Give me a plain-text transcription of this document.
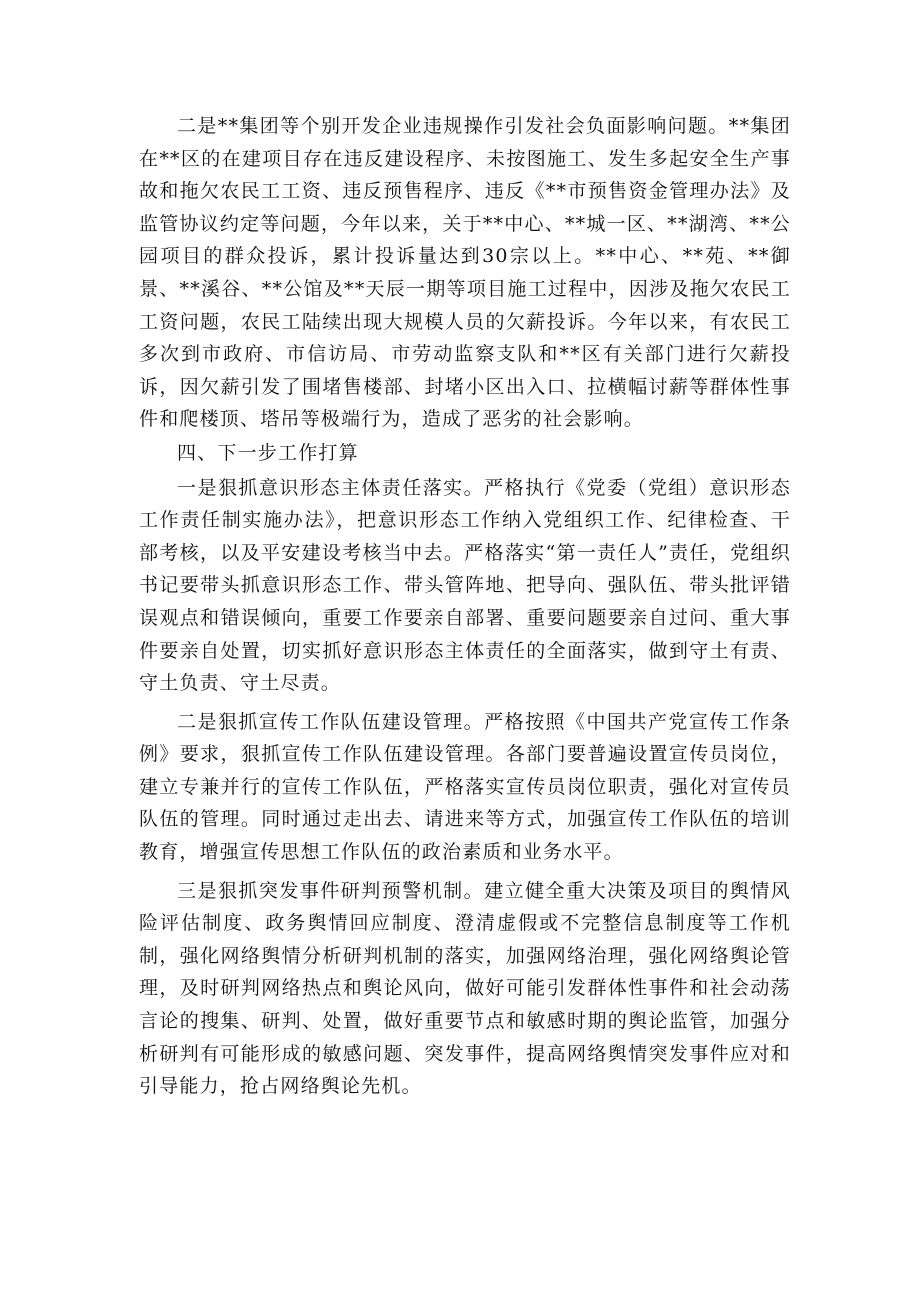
二是**集团等个别开发企业违规操作引发社会负面影响问题。**集团在**区的在建项目存在违反建设程序、未按图施工、发生多起安全生产事故和拖欠农民工工资、违反预售程序、违反《**市预售资金管理办法》及监管协议约定等问题，今年以来，关于**中心、**城一区、**湖湾、**公园项目的群众投诉，累计投诉量达到30宗以上。**中心、**苑、**御景、**溪谷、**公馆及**天辰一期等项目施工过程中，因涉及拖欠农民工工资问题，农民工陆续出现大规模人员的欠薪投诉。今年以来，有农民工多次到市政府、市信访局、市劳动监察支队和**区有关部门进行欠薪投诉，因欠薪引发了围堵售楼部、封堵小区出入口、拉横幅讨薪等群体性事件和爬楼顶、塔吊等极端行为，造成了恶劣的社会影响。

四、下一步工作打算

一是狠抓意识形态主体责任落实。严格执行《党委（党组）意识形态工作责任制实施办法》，把意识形态工作纳入党组织工作、纪律检查、干部考核，以及平安建设考核当中去。严格落实“第一责任人”责任，党组织书记要带头抓意识形态工作、带头管阵地、把导向、强队伍、带头批评错误观点和错误倾向，重要工作要亲自部署、重要问题要亲自过问、重大事件要亲自处置，切实抓好意识形态主体责任的全面落实，做到守土有责、守土负责、守土尽责。

二是狠抓宣传工作队伍建设管理。严格按照《中国共产党宣传工作条例》要求，狠抓宣传工作队伍建设管理。各部门要普遍设置宣传员岗位，建立专兼并行的宣传工作队伍，严格落实宣传员岗位职责，强化对宣传员队伍的管理。同时通过走出去、请进来等方式，加强宣传工作队伍的培训教育，增强宣传思想工作队伍的政治素质和业务水平。

三是狠抓突发事件研判预警机制。建立健全重大决策及项目的舆情风险评估制度、政务舆情回应制度、澄清虚假或不完整信息制度等工作机制，强化网络舆情分析研判机制的落实，加强网络治理，强化网络舆论管理，及时研判网络热点和舆论风向，做好可能引发群体性事件和社会动荡言论的搜集、研判、处置，做好重要节点和敏感时期的舆论监管，加强分析研判有可能形成的敏感问题、突发事件，提高网络舆情突发事件应对和引导能力，抢占网络舆论先机。
